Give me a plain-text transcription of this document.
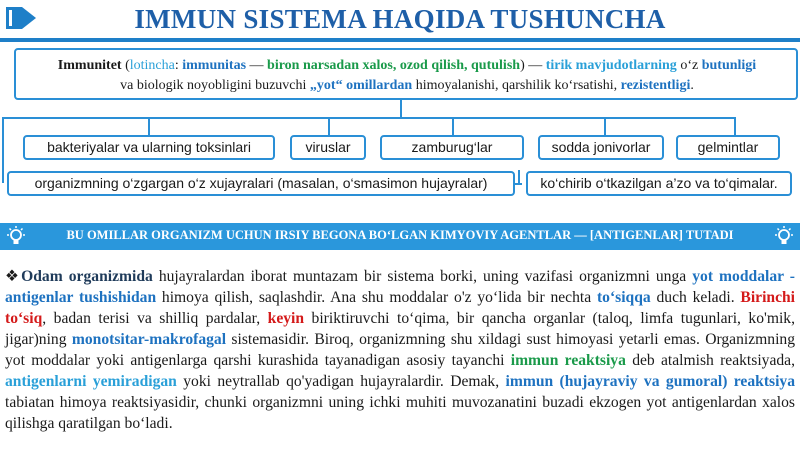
IMMUN SISTEMA HAQIDA TUSHUNCHA
Immunitet (lotincha: immunitas — biron narsadan xalos, ozod qilish, qutulish) — tirik mavjudotlarning o‘z butunligi
va biologik noyobligini buzuvchi „yot“ omillardan himoyalanishi, qarshilik ko‘rsatishi, rezistentligi.
bakteriyalar va ularning toksinlari	viruslar	zamburug‘lar	sodda jonivorlar	gelmintlar
organizmning o‘zgargan o‘z xujayralari (masalan, o‘smasimon hujayralar)	ko‘chirib o‘tkazilgan a’zo va to‘qimalar.
BU OMILLAR ORGANIZM UCHUN IRSIY BEGONA BO‘LGAN KIMYOVIY AGENTLAR — [ANTIGENLAR] TUTADI
❖Odam organizmida hujayralardan iborat muntazam bir sistema borki, uning vazifasi organizmni unga yot moddalar - antigenlar tushishidan himoya qilish, saqlashdir. Ana shu moddalar o'z yo‘lida bir nechta to‘siqqa duch keladi. Birinchi to‘siq, badan terisi va shilliq pardalar, keyin biriktiruvchi to‘qima, bir qancha organlar (taloq, limfa tugunlari, ko'mik, jigar)ning monotsitar-makrofagal sistemasidir. Biroq, organizmning shu xildagi sust himoyasi yetarli emas. Organizmning yot moddalar yoki antigenlarga qarshi kurashida tayanadigan asosiy tayanchi immun reaktsiya deb atalmish reaktsiyada, antigenlarni yemiradigan yoki neytrallab qo'yadigan hujayralardir. Demak, immun (hujayraviy va gumoral) reaktsiya tabiatan himoya reaktsiyasidir, chunki organizmni uning ichki muhiti muvozanatini buzadi ekzogen yot antigenlardan xalos qilishga qaratilgan bo‘ladi.
